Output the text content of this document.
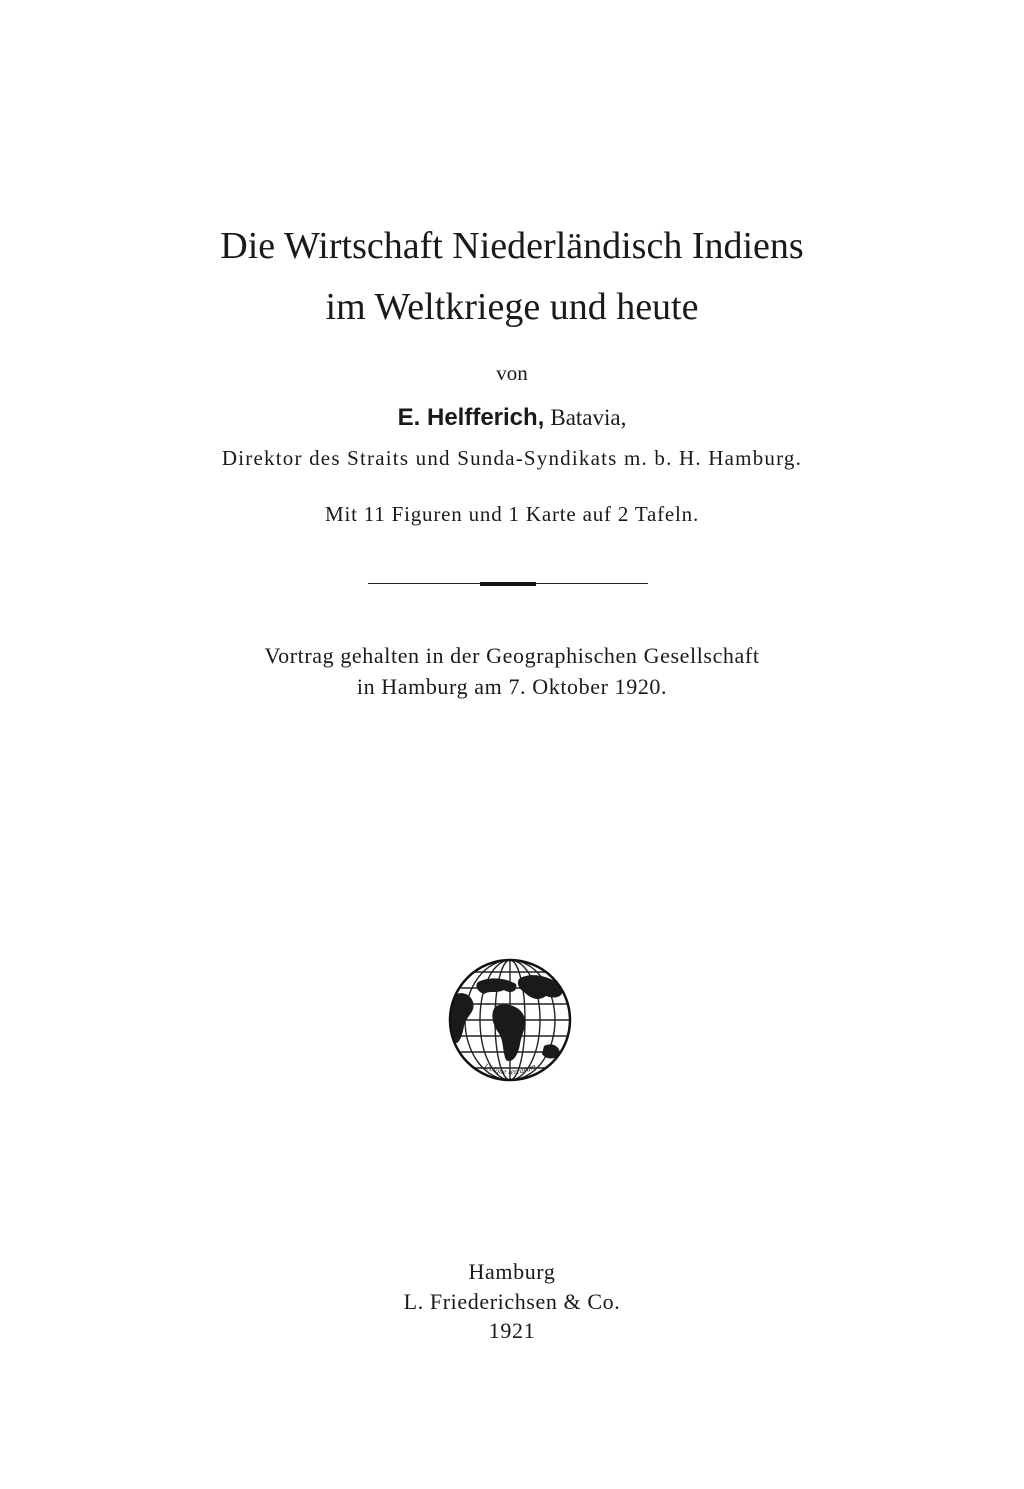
Die Wirtschaft Niederländisch Indiens
im Weltkriege und heute
von
E. Helfferich, Batavia,
Direktor des Straits und Sunda-Syndikats m. b. H. Hamburg.
Mit 11 Figuren und 1 Karte auf 2 Tafeln.
Vortrag gehalten in der Geographischen Gesellschaft
in Hamburg am 7. Oktober 1920.
Ubique terrarum
Hamburg
L. Friederichsen & Co.
1921
